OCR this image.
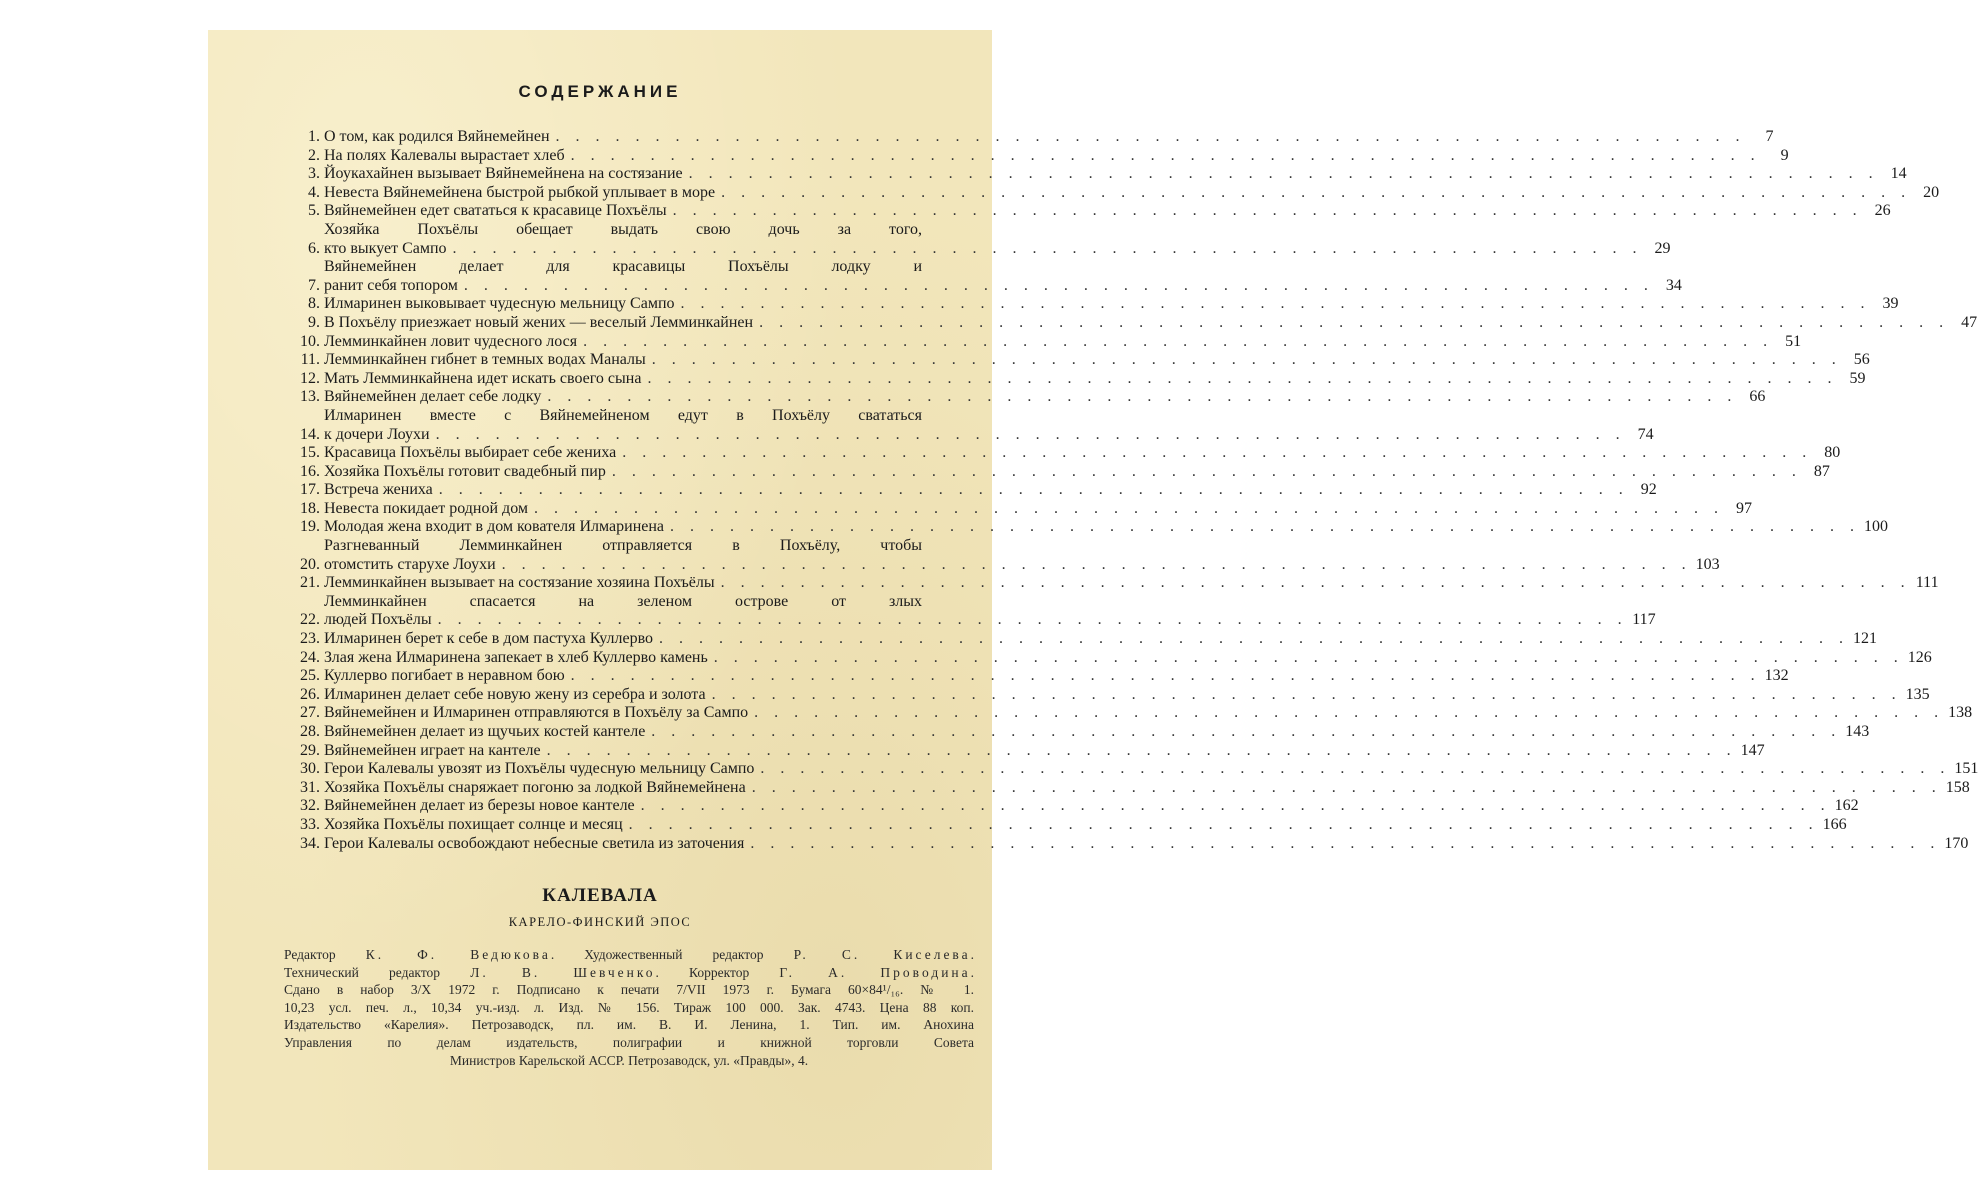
СОДЕРЖАНИЕ
1. О том, как родился Вяйнемейнен . . . . . . . . . . . . . . . . . . . . . . . . . . . . . . . . . . . . . . . . . . . . . . . . . . . . . . . . . . . .	7
2. На полях Калевалы вырастает хлеб . . . . . . . . . . . . . . . . . . . . . . . . . . . . . . . . . . . . . . . . . . . . . . . . . . . . . . . . . . . .	9
3. Йоукахайнен вызывает Вяйнемейнена на состязание . . . . . . . . . . . . . . . . . . . . . . . . . . . . . . . . . . . . . . . . . . . . . . . . . . . . . . . . . . . . 14
4. Невеста Вяйнемейнена быстрой рыбкой уплывает в море . . . . . . . . . . . . . . . . . . . . . . . . . . . . . . . . . . . . . . . . . . . . . . . . . . . . . . . . . . . . 20
5. Вяйнемейнен едет свататься к красавице Похъёлы . . . . . . . . . . . . . . . . . . . . . . . . . . . . . . . . . . . . . . . . . . . . . . . . . . . . . . . . . . . . 26
6.
Хозяйка Похъёлы обещает выдать свою дочь за того,
кто выкует Сампо . . . . . . . . . . . . . . . . . . . . . . . . . . . . . . . . . . . . . . . . . . . . . . . . . . . . . . . . . . . . 29
7.
Вяйнемейнен делает для красавицы Похъёлы лодку и
ранит себя топором . . . . . . . . . . . . . . . . . . . . . . . . . . . . . . . . . . . . . . . . . . . . . . . . . . . . . . . . . . . . 34
8. Илмаринен выковывает чудесную мельницу Сампо . . . . . . . . . . . . . . . . . . . . . . . . . . . . . . . . . . . . . . . . . . . . . . . . . . . . . . . . . . . . 39
9. В Похъёлу приезжает новый жених — веселый Лемминкайнен . . . . . . . . . . . . . . . . . . . . . . . . . . . . . . . . . . . . . . . . . . . . . . . . . . . . . . . . . . . . 47
10. Лемминкайнен ловит чудесного лося . . . . . . . . . . . . . . . . . . . . . . . . . . . . . . . . . . . . . . . . . . . . . . . . . . . . . . . . . . . . 51
11. Лемминкайнен гибнет в темных водах Маналы . . . . . . . . . . . . . . . . . . . . . . . . . . . . . . . . . . . . . . . . . . . . . . . . . . . . . . . . . . . . 56
12. Мать Лемминкайнена идет искать своего сына . . . . . . . . . . . . . . . . . . . . . . . . . . . . . . . . . . . . . . . . . . . . . . . . . . . . . . . . . . . . 59
13. Вяйнемейнен делает себе лодку . . . . . . . . . . . . . . . . . . . . . . . . . . . . . . . . . . . . . . . . . . . . . . . . . . . . . . . . . . . . 66
14.
Илмаринен вместе с Вяйнемейненом едут в Похъёлу свататься
к дочери Лоухи . . . . . . . . . . . . . . . . . . . . . . . . . . . . . . . . . . . . . . . . . . . . . . . . . . . . . . . . . . . . 74
15. Красавица Похъёлы выбирает себе жениха . . . . . . . . . . . . . . . . . . . . . . . . . . . . . . . . . . . . . . . . . . . . . . . . . . . . . . . . . . . . 80
16. Хозяйка Похъёлы готовит свадебный пир . . . . . . . . . . . . . . . . . . . . . . . . . . . . . . . . . . . . . . . . . . . . . . . . . . . . . . . . . . . . 87
17. Встреча жениха . . . . . . . . . . . . . . . . . . . . . . . . . . . . . . . . . . . . . . . . . . . . . . . . . . . . . . . . . . . . 92
18. Невеста покидает родной дом . . . . . . . . . . . . . . . . . . . . . . . . . . . . . . . . . . . . . . . . . . . . . . . . . . . . . . . . . . . . 97
19. Молодая жена входит в дом кователя Илмаринена . . . . . . . . . . . . . . . . . . . . . . . . . . . . . . . . . . . . . . . . . . . . . . . . . . . . . . . . . . . . 100
20.
Разгневанный Лемминкайнен отправляется в Похъёлу, чтобы
отомстить старухе Лоухи . . . . . . . . . . . . . . . . . . . . . . . . . . . . . . . . . . . . . . . . . . . . . . . . . . . . . . . . . . . . 103
21. Лемминкайнен вызывает на состязание хозяина Похъёлы . . . . . . . . . . . . . . . . . . . . . . . . . . . . . . . . . . . . . . . . . . . . . . . . . . . . . . . . . . . . 111
22.
Лемминкайнен спасается на зеленом острове от злых
людей Похъёлы . . . . . . . . . . . . . . . . . . . . . . . . . . . . . . . . . . . . . . . . . . . . . . . . . . . . . . . . . . . . 117
23. Илмаринен берет к себе в дом пастуха Куллерво . . . . . . . . . . . . . . . . . . . . . . . . . . . . . . . . . . . . . . . . . . . . . . . . . . . . . . . . . . . . 121
24. Злая жена Илмаринена запекает в хлеб Куллерво камень . . . . . . . . . . . . . . . . . . . . . . . . . . . . . . . . . . . . . . . . . . . . . . . . . . . . . . . . . . . . 126
25. Куллерво погибает в неравном бою . . . . . . . . . . . . . . . . . . . . . . . . . . . . . . . . . . . . . . . . . . . . . . . . . . . . . . . . . . . . 132
26. Илмаринен делает себе новую жену из серебра и золота . . . . . . . . . . . . . . . . . . . . . . . . . . . . . . . . . . . . . . . . . . . . . . . . . . . . . . . . . . . . 135
27. Вяйнемейнен и Илмаринен отправляются в Похъёлу за Сампо . . . . . . . . . . . . . . . . . . . . . . . . . . . . . . . . . . . . . . . . . . . . . . . . . . . . . . . . . . . . 138
28. Вяйнемейнен делает из щучьих костей кантеле . . . . . . . . . . . . . . . . . . . . . . . . . . . . . . . . . . . . . . . . . . . . . . . . . . . . . . . . . . . . 143
29. Вяйнемейнен играет на кантеле . . . . . . . . . . . . . . . . . . . . . . . . . . . . . . . . . . . . . . . . . . . . . . . . . . . . . . . . . . . . 147
30. Герои Калевалы увозят из Похъёлы чудесную мельницу Сампо . . . . . . . . . . . . . . . . . . . . . . . . . . . . . . . . . . . . . . . . . . . . . . . . . . . . . . . . . . . . 151
31. Хозяйка Похъёлы снаряжает погоню за лодкой Вяйнемейнена . . . . . . . . . . . . . . . . . . . . . . . . . . . . . . . . . . . . . . . . . . . . . . . . . . . . . . . . . . . . 158
32. Вяйнемейнен делает из березы новое кантеле . . . . . . . . . . . . . . . . . . . . . . . . . . . . . . . . . . . . . . . . . . . . . . . . . . . . . . . . . . . . 162
33. Хозяйка Похъёлы похищает солнце и месяц . . . . . . . . . . . . . . . . . . . . . . . . . . . . . . . . . . . . . . . . . . . . . . . . . . . . . . . . . . . . 166
34. Герои Калевалы освобождают небесные светила из заточения . . . . . . . . . . . . . . . . . . . . . . . . . . . . . . . . . . . . . . . . . . . . . . . . . . . . . . . . . . . . 170
КАЛЕВАЛА
КАРЕЛО-ФИНСКИЙ ЭПОС
Редактор К. Ф. Ведюкова. Художественный редактор Р. С. Киселева.
Технический редактор Л. В. Шевченко. Корректор Г. А. Проводина.
Сдано в набор 3/X 1972 г. Подписано к печати 7/VII 1973 г. Бумага 60×84¹/₁₆. № 1.
10,23 усл. печ. л., 10,34 уч.-изд. л. Изд. № 156. Тираж 100 000. Зак. 4743. Цена 88 коп.
Издательство «Карелия». Петрозаводск, пл. им. В. И. Ленина, 1. Тип. им. Анохина
Управления по делам издательств, полиграфии и книжной торговли Совета
Министров Карельской АССР. Петрозаводск, ул. «Правды», 4.
